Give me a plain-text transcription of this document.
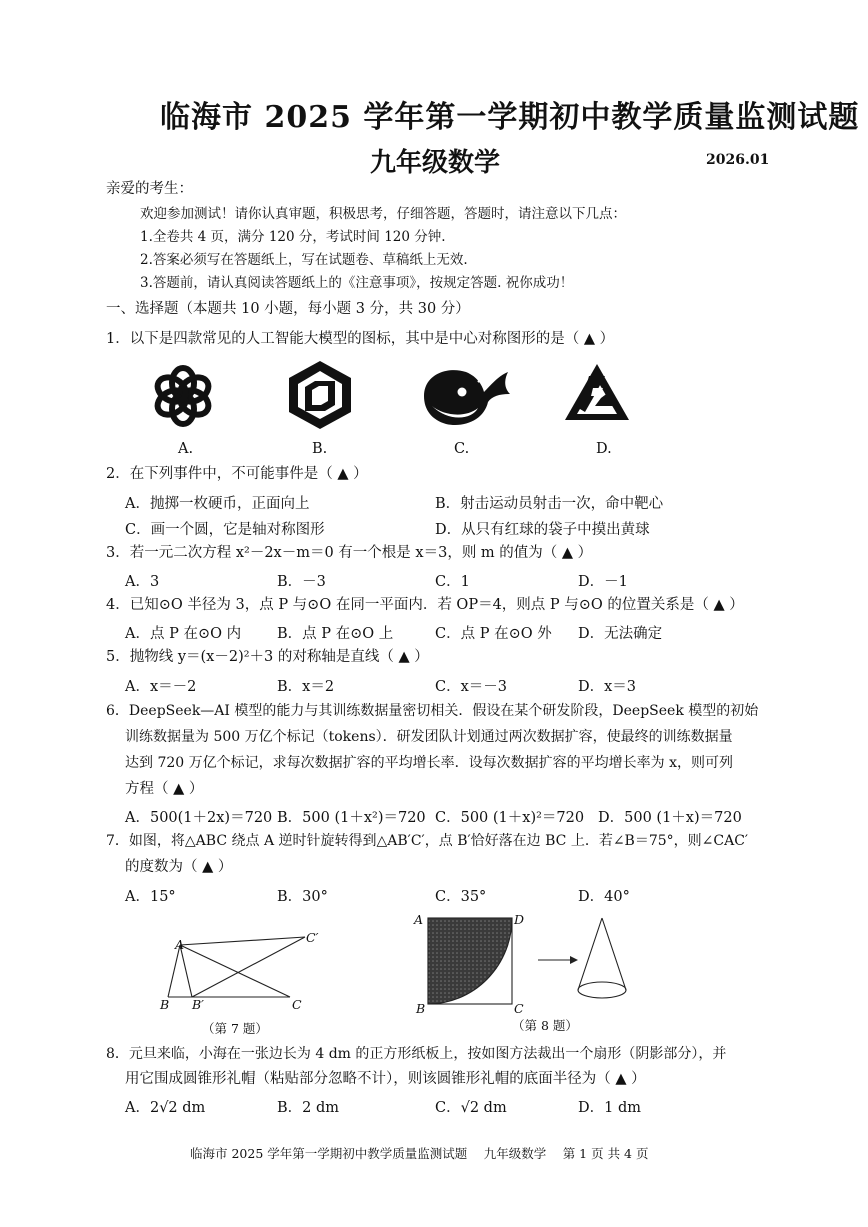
临海市 2025 学年第一学期初中教学质量监测试题
九年级数学	2026.01
亲爱的考生：
欢迎参加测试！请你认真审题，积极思考，仔细答题，答题时，请注意以下几点：
1.全卷共 4 页，满分 120 分，考试时间 120 分钟.
2.答案必须写在答题纸上，写在试题卷、草稿纸上无效.
3.答题前，请认真阅读答题纸上的《注意事项》，按规定答题. 祝你成功！
一、选择题（本题共 10 小题，每小题 3 分，共 30 分）
1．以下是四款常见的人工智能大模型的图标，其中是中心对称图形的是（ ▲ ）
A.	B.	C.	D.
2．在下列事件中，不可能事件是（ ▲ ）
A．抛掷一枚硬币，正面向上	B．射击运动员射击一次，命中靶心
C．画一个圆，它是轴对称图形	D．从只有红球的袋子中摸出黄球
3．若一元二次方程 x²－2x－m＝0 有一个根是 x＝3，则 m 的值为（ ▲ ）
A．3	B．－3	C．1	D．－1
4．已知⊙O 半径为 3，点 P 与⊙O 在同一平面内．若 OP＝4，则点 P 与⊙O 的位置关系是（ ▲ ）
A．点 P 在⊙O 内 B．点 P 在⊙O 上	C．点 P 在⊙O 外 D．无法确定
5．抛物线 y＝(x－2)²＋3 的对称轴是直线（ ▲ ）
A．x＝－2	B．x＝2	C．x＝－3	D．x＝3
6．DeepSeek—AI 模型的能力与其训练数据量密切相关．假设在某个研发阶段，DeepSeek 模型的初始
训练数据量为 500 万亿个标记（tokens）．研发团队计划通过两次数据扩容，使最终的训练数据量
达到 720 万亿个标记，求每次数据扩容的平均增长率．设每次数据扩容的平均增长率为 x，则可列
方程（ ▲ ）
A．500(1＋2x)＝720 B．500 (1＋x²)＝720 C．500 (1＋x)²＝720 D．500 (1＋x)＝720
7．如图，将△ABC 绕点 A 逆时针旋转得到△AB′C′，点 B′恰好落在边 BC 上．若∠B＝75°，则∠CAC′
的度数为（ ▲ ）
A．15°	B．30°	C．35°	D．40°
A
B B′	C
C′
（第 7 题）
A	D
B	C
（第 8 题）
8．元旦来临，小海在一张边长为 4 dm 的正方形纸板上，按如图方法裁出一个扇形（阴影部分），并
用它围成圆锥形礼帽（粘贴部分忽略不计），则该圆锥形礼帽的底面半径为（ ▲ ）
A．2√2 dm	B．2 dm	C．√2 dm	D．1 dm
临海市 2025 学年第一学期初中教学质量监测试题　 九年级数学　 第 1 页 共 4 页
